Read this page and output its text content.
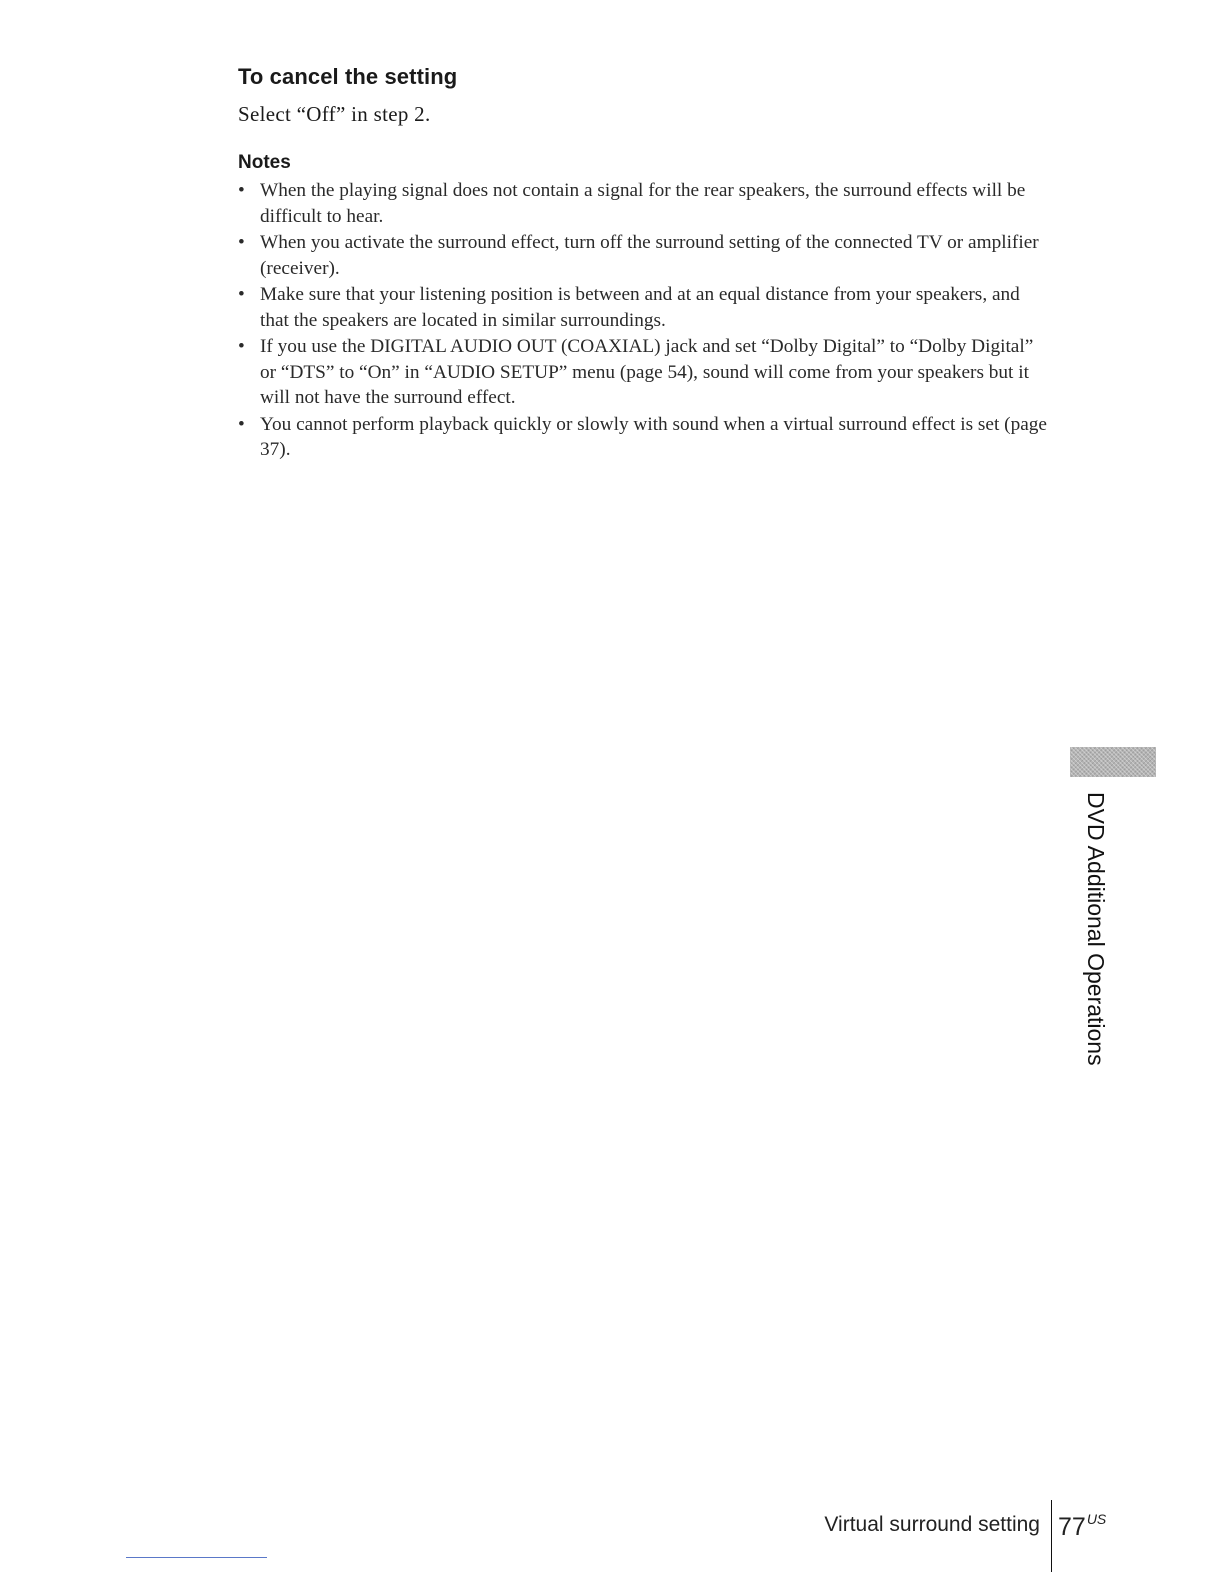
To cancel the setting

Select “Off” in step 2.

Notes
• When the playing signal does not contain a signal for the rear speakers, the surround effects will be difficult to hear.
• When you activate the surround effect, turn off the surround setting of the connected TV or amplifier (receiver).
• Make sure that your listening position is between and at an equal distance from your speakers, and that the speakers are located in similar surroundings.
• If you use the DIGITAL AUDIO OUT (COAXIAL) jack and set “Dolby Digital” to “Dolby Digital” or “DTS” to “On” in “AUDIO SETUP” menu (page 54), sound will come from your speakers but it will not have the surround effect.
• You cannot perform playback quickly or slowly with sound when a virtual surround effect is set (page 37).
DVD Additional Operations
Virtual surround setting $77^{US}$
